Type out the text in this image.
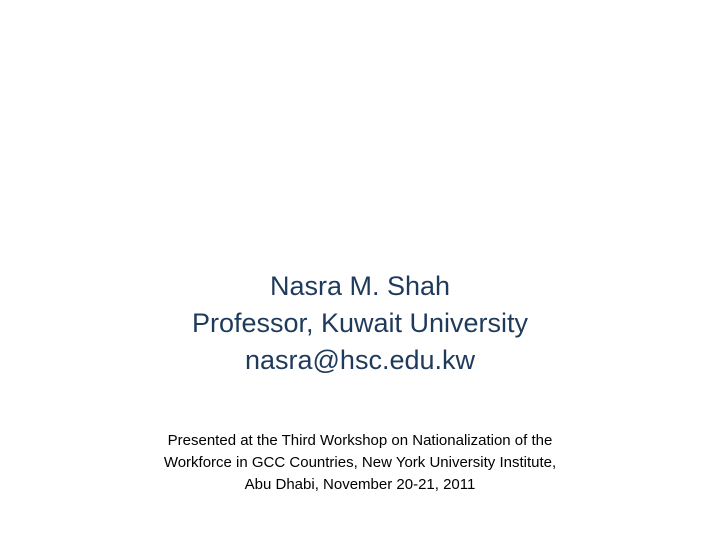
Nasra M. Shah
Professor, Kuwait University
nasra@hsc.edu.kw
Presented at the Third Workshop on Nationalization of the
Workforce in GCC Countries, New York University Institute,
Abu Dhabi, November 20-21, 2011
